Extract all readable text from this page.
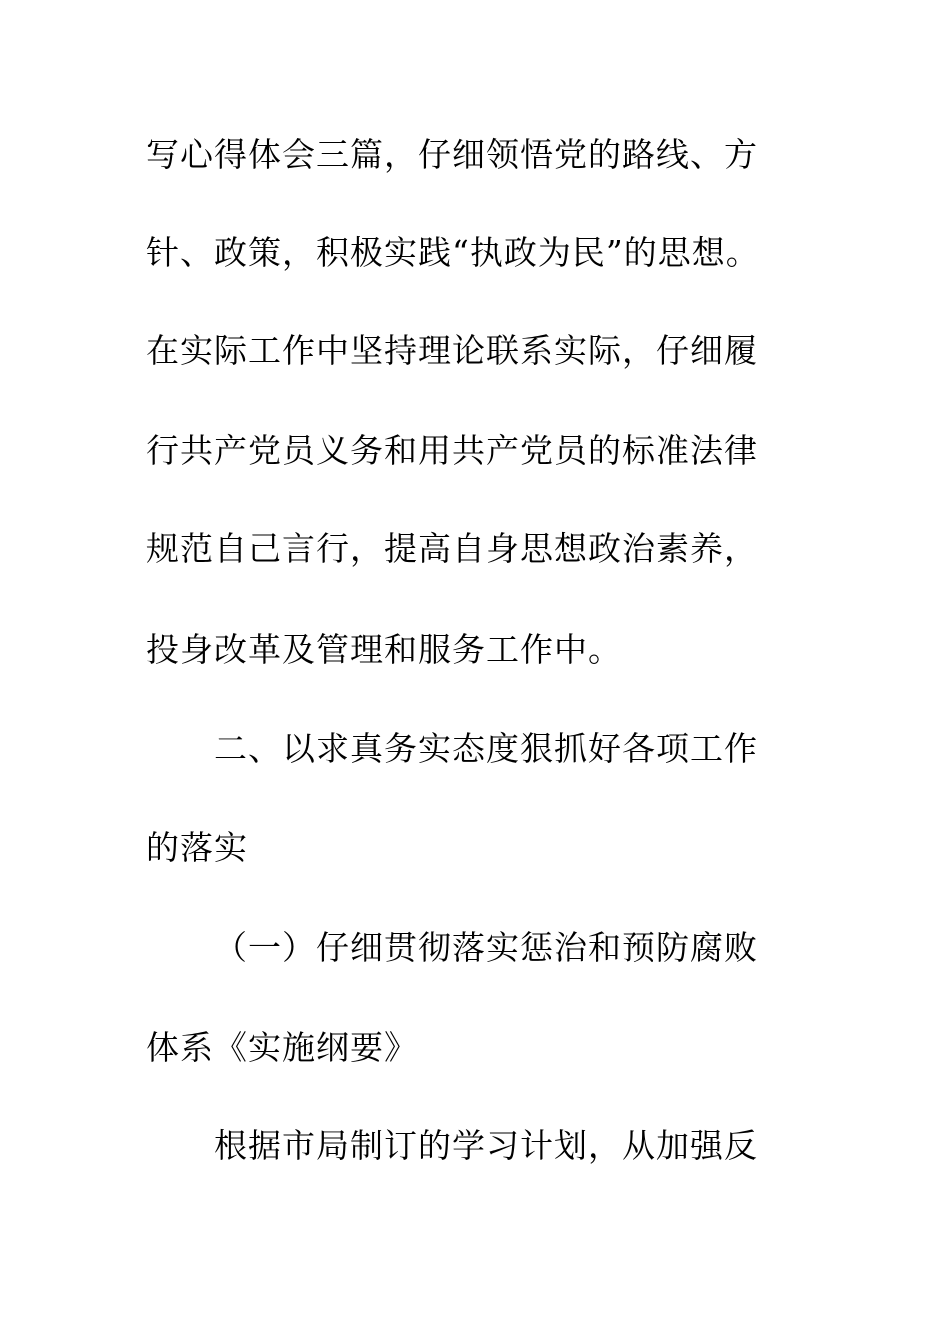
写心得体会三篇，仔细领悟党的路线、方
针、政策，积极实践“执政为民”的思想。
在实际工作中坚持理论联系实际，仔细履
行共产党员义务和用共产党员的标准法律
规范自己言行，提高自身思想政治素养，
投身改革及管理和服务工作中。
二、以求真务实态度狠抓好各项工作
的落实
（一）仔细贯彻落实惩治和预防腐败
体系《实施纲要》
根据市局制订的学习计划，从加强反
